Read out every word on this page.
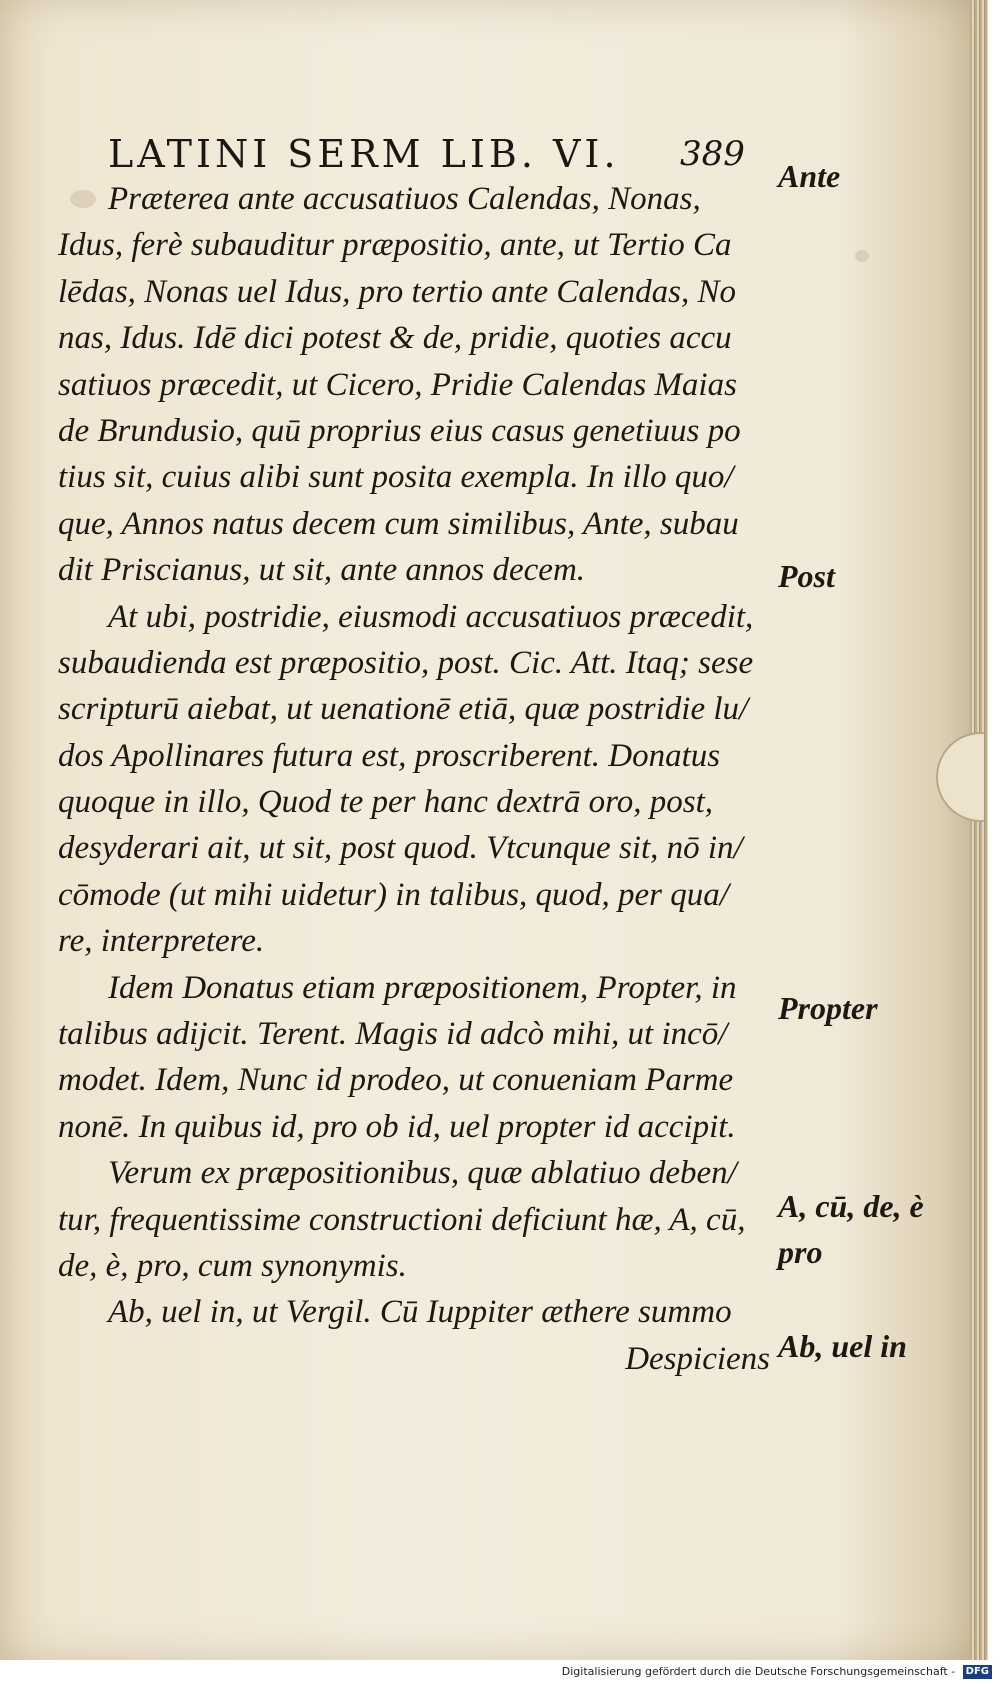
LATINI SERM LIB. VI. 389
Præterea ante accusatiuos Calendas, Nonas,
Idus, ferè subauditur præpositio, ante, ut Tertio Ca
lēdas, Nonas uel Idus, pro tertio ante Calendas, No
nas, Idus. Idē dici potest & de, pridie, quoties accu
satiuos præcedit, ut Cicero, Pridie Calendas Maias
de Brundusio, quū proprius eius casus genetiuus po
tius sit, cuius alibi sunt posita exempla. In illo quo/
que, Annos natus decem cum similibus, Ante, subau
dit Priscianus, ut sit, ante annos decem.
At ubi, postridie, eiusmodi accusatiuos præcedit,
subaudienda est præpositio, post. Cic. Att. Itaq; sese
scripturū aiebat, ut uenationē etiā, quæ postridie lu/
dos Apollinares futura est, proscriberent. Donatus
quoque in illo, Quod te per hanc dextrā oro, post,
desyderari ait, ut sit, post quod. Vtcunque sit, nō in/
cōmode (ut mihi uidetur) in talibus, quod, per qua/
re, interpretere.
Idem Donatus etiam præpositionem, Propter, in
talibus adijcit. Terent. Magis id adcò mihi, ut incō/
modet. Idem, Nunc id prodeo, ut conueniam Parme
nonē. In quibus id, pro ob id, uel propter id accipit.
Verum ex præpositionibus, quæ ablatiuo deben/
tur, frequentissime constructioni deficiunt hæ, A, cū,
de, è, pro, cum synonymis.
Ab, uel in, ut Vergil. Cū Iuppiter æthere summo
Despiciens
Ante
Post
Propter
A, cū, de, è
pro
Ab, uel in
Digitalisierung gefördert durch die Deutsche Forschungsgemeinschaft - DFG
